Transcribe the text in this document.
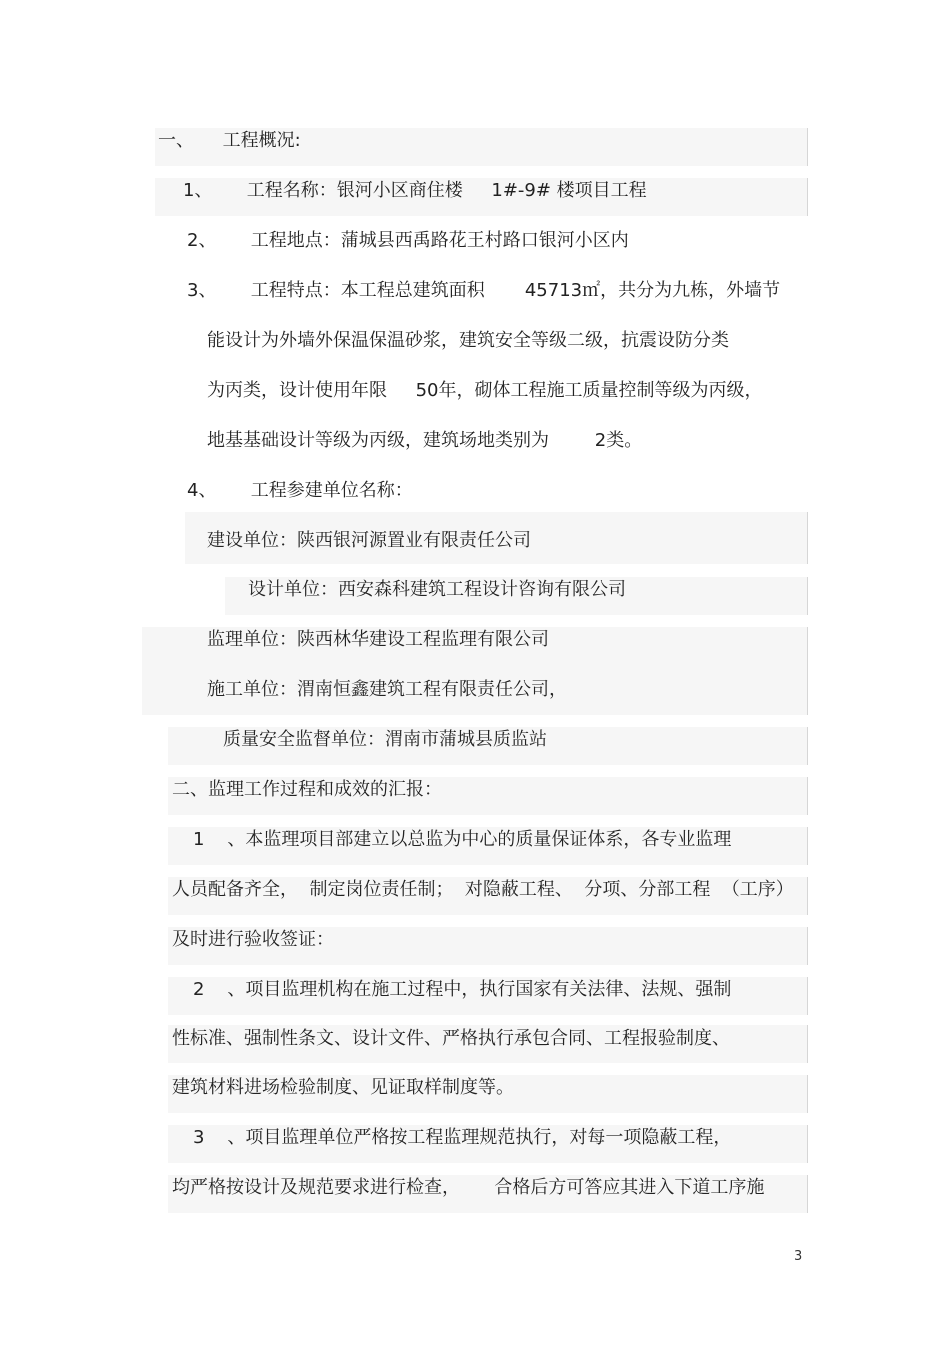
一、     工程概况:
1、      工程名称：银河小区商住楼     1#-9# 楼项目工程
2、      工程地点：蒲城县西禹路花王村路口银河小区内
3、      工程特点：本工程总建筑面积       45713㎡，共分为九栋，外墙节
能设计为外墙外保温保温砂浆，建筑安全等级二级，抗震设防分类
为丙类，设计使用年限     50年，砌体工程施工质量控制等级为丙级，
地基基础设计等级为丙级，建筑场地类别为        2类。
4、      工程参建单位名称：
建设单位：陕西银河源置业有限责任公司
设计单位：西安森科建筑工程设计咨询有限公司
监理单位：陕西林华建设工程监理有限公司
施工单位：渭南恒鑫建筑工程有限责任公司，
质量安全监督单位：渭南市蒲城县质监站
二、监理工作过程和成效的汇报：
1    、本监理项目部建立以总监为中心的质量保证体系，各专业监理
人员配备齐全，  制定岗位责任制；  对隐蔽工程、  分项、分部工程  （工序）
及时进行验收签证：
2    、项目监理机构在施工过程中，执行国家有关法律、法规、强制
性标准、强制性条文、设计文件、严格执行承包合同、工程报验制度、
建筑材料进场检验制度、见证取样制度等。
3    、项目监理单位严格按工程监理规范执行，对每一项隐蔽工程，
均严格按设计及规范要求进行检查，      合格后方可答应其进入下道工序施
3
